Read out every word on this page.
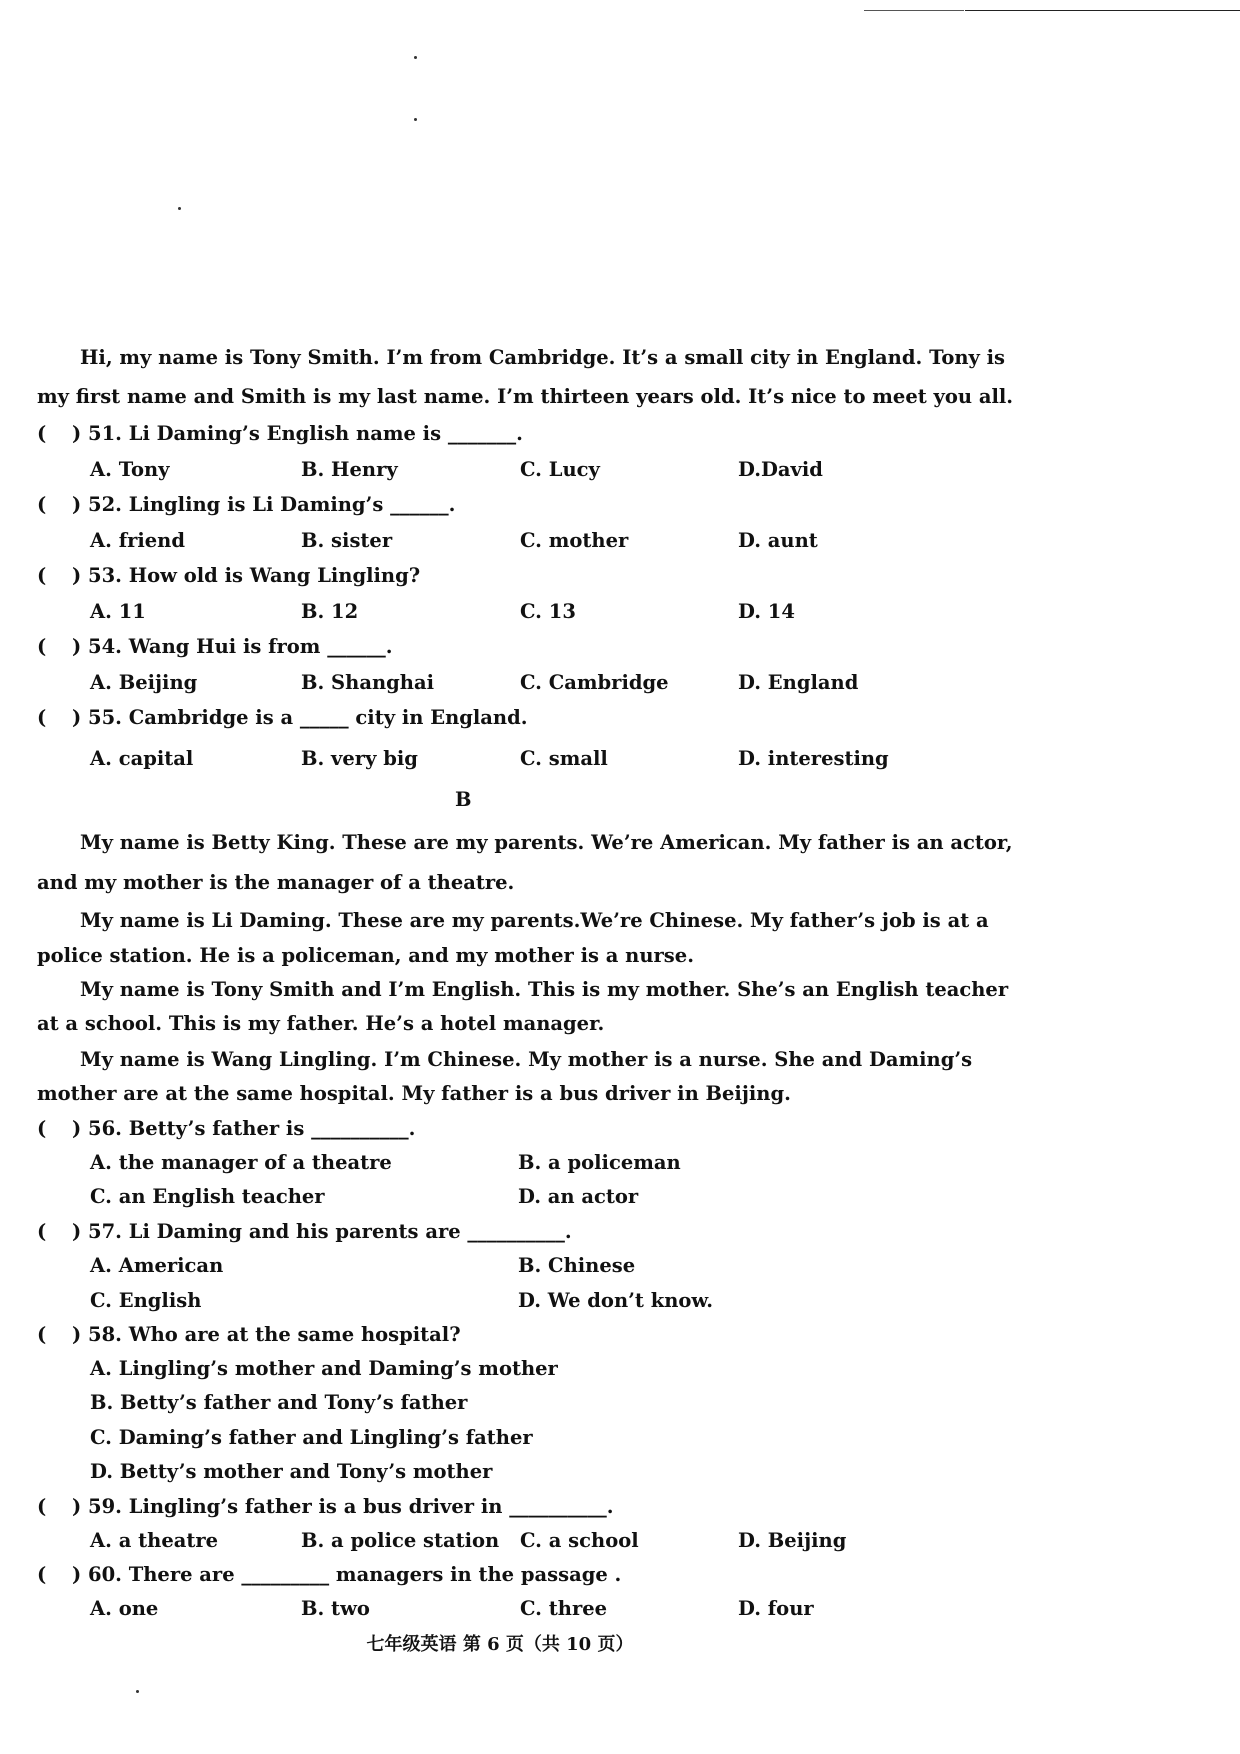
Hi, my name is Tony Smith. I’m from Cambridge. It’s a small city in England. Tony is
my first name and Smith is my last name. I’m thirteen years old. It’s nice to meet you all.
( ) 51. Li Daming’s English name is _______.
A. Tony	B. Henry	C. Lucy	D.David
( ) 52. Lingling is Li Daming’s ______.
A. friend	B. sister	C. mother	D. aunt
( ) 53. How old is Wang Lingling?
A. 11	B. 12	C. 13	D. 14
( ) 54. Wang Hui is from ______.
A. Beijing	B. Shanghai	C. Cambridge	D. England
( ) 55. Cambridge is a _____ city in England.
A. capital	B. very big	C. small	D. interesting
B
My name is Betty King. These are my parents. We’re American. My father is an actor,
and my mother is the manager of a theatre.
My name is Li Daming. These are my parents.We’re Chinese. My father’s job is at a
police station. He is a policeman, and my mother is a nurse.
My name is Tony Smith and I’m English. This is my mother. She’s an English teacher
at a school. This is my father. He’s a hotel manager.
My name is Wang Lingling. I’m Chinese. My mother is a nurse. She and Daming’s
mother are at the same hospital. My father is a bus driver in Beijing.
( ) 56. Betty’s father is __________.
A. the manager of a theatre	B. a policeman
C. an English teacher	D. an actor
( ) 57. Li Daming and his parents are __________.
A. American	B. Chinese
C. English	D. We don’t know.
( ) 58. Who are at the same hospital?
A. Lingling’s mother and Daming’s mother
B. Betty’s father and Tony’s father
C. Daming’s father and Lingling’s father
D. Betty’s mother and Tony’s mother
( ) 59. Lingling’s father is a bus driver in __________.
A. a theatre	B. a police station C. a school	D. Beijing
( ) 60. There are _________ managers in the passage .
A. one	B. two	C. three	D. four
七年级英语 第 6 页（共 10 页）
